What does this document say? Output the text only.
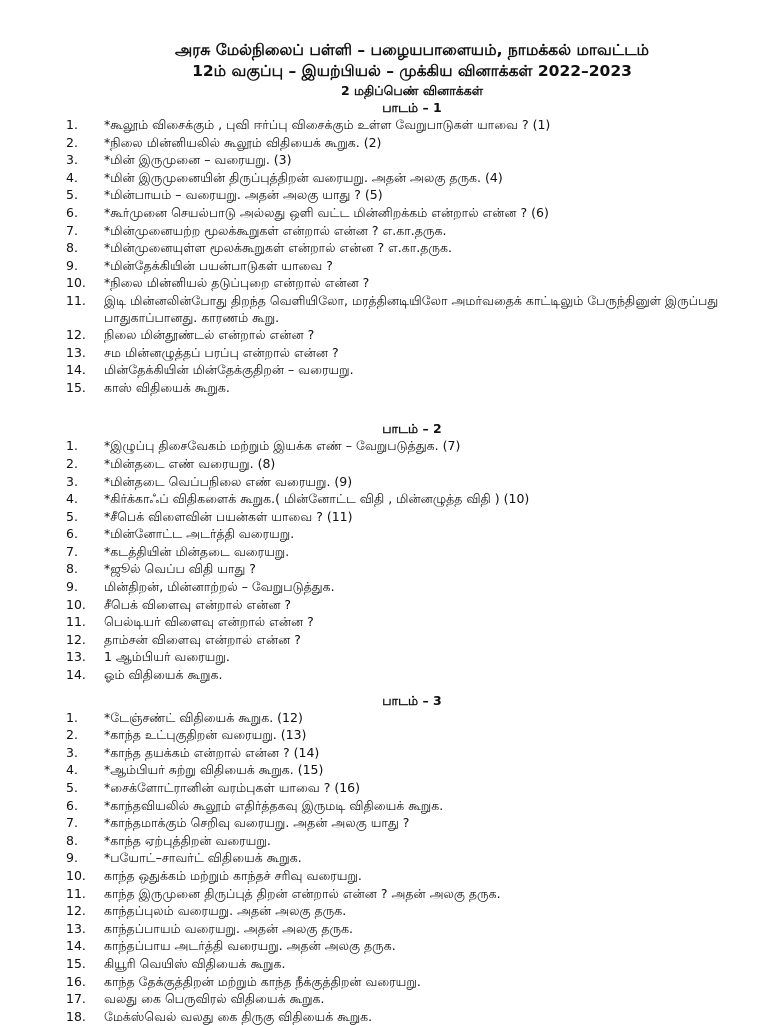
அரசு மேல்நிலைப் பள்ளி – பழையபாளையம், நாமக்கல் மாவட்டம்
12ம் வகுப்பு – இயற்பியல் – முக்கிய வினாக்கள் 2022–2023
2 மதிப்பெண் வினாக்கள்
பாடம் – 1
1.	*கூலூம் விசைக்கும் , புவி ஈர்ப்பு விசைக்கும் உள்ள வேறுபாடுகள் யாவை ? (1)
2.	*நிலை மின்னியலில் கூலூம் விதியைக் கூறுக. (2)
3.	*மின் இருமுனை – வரையறு. (3)
4.	*மின் இருமுனையின் திருப்புத்திறன் வரையறு. அதன் அலகு தருக. (4)
5.	*மின்பாயம் – வரையறு. அதன் அலகு யாது ? (5)
6.	*கூர்முனை செயல்பாடு அல்லது ஒளி வட்ட மின்னிறக்கம் என்றால் என்ன ? (6)
7.	*மின்முனையற்ற மூலக்கூறுகள் என்றால் என்ன ? எ.கா.தருக.
8.	*மின்முனையுள்ள மூலக்கூறுகள் என்றால் என்ன ? எ.கா.தருக.
9.	*மின்தேக்கியின் பயன்பாடுகள் யாவை ?
10.	*நிலை மின்னியல் தடுப்புறை என்றால் என்ன ?
11.	இடி மின்னலின்போது திறந்த வெளியிலோ, மரத்தினடியிலோ அமர்வதைக் காட்டிலும் பேருந்தினுள் இருப்பது பாதுகாப்பானது. காரணம் கூறு.
12.	நிலை மின்தூண்டல் என்றால் என்ன ?
13.	சம மின்னழுத்தப் பரப்பு என்றால் என்ன ?
14.	மின்தேக்கியின் மின்தேக்குதிறன் – வரையறு.
15.	காஸ் விதியைக் கூறுக.
பாடம் – 2
1.	*இழுப்பு திசைவேகம் மற்றும் இயக்க எண் – வேறுபடுத்துக. (7)
2.	*மின்தடை எண் வரையறு. (8)
3.	*மின்தடை வெப்பநிலை எண் வரையறு. (9)
4.	*கிர்க்காஃப் விதிகளைக் கூறுக.( மின்னோட்ட விதி , மின்னழுத்த விதி ) (10)
5.	*சீபெக் விளைவின் பயன்கள் யாவை ? (11)
6.	*மின்னோட்ட அடர்த்தி வரையறு.
7.	*கடத்தியின் மின்தடை வரையறு.
8.	*ஜூல் வெப்ப விதி யாது ?
9.	மின்திறன், மின்னாற்றல் – வேறுபடுத்துக.
10.	சீபெக் விளைவு என்றால் என்ன ?
11.	பெல்டியர் விளைவு என்றால் என்ன ?
12.	தாம்சன் விளைவு என்றால் என்ன ?
13.	1 ஆம்பியர் வரையறு.
14.	ஓம் விதியைக் கூறுக.
பாடம் – 3
1.	*டேஞ்சண்ட் விதியைக் கூறுக. (12)
2.	*காந்த உட்புகுதிறன் வரையறு. (13)
3.	*காந்த தயக்கம் என்றால் என்ன ? (14)
4.	*ஆம்பியர் சுற்று விதியைக் கூறுக. (15)
5.	*சைக்ளோட்ரானின் வரம்புகள் யாவை ? (16)
6.	*காந்தவியலில் கூலூம் எதிர்த்தகவு இருமடி விதியைக் கூறுக.
7.	*காந்தமாக்கும் செறிவு வரையறு. அதன் அலகு யாது ?
8.	*காந்த ஏற்புத்திறன் வரையறு.
9.	*பயோட்–சாவர்ட் விதியைக் கூறுக.
10.	காந்த ஒதுக்கம் மற்றும் காந்தச் சரிவு வரையறு.
11.	காந்த இருமுனை திருப்புத் திறன் என்றால் என்ன ? அதன் அலகு தருக.
12.	காந்தப்புலம் வரையறு. அதன் அலகு தருக.
13.	காந்தப்பாயம் வரையறு. அதன் அலகு தருக.
14.	காந்தப்பாய அடர்த்தி வரையறு. அதன் அலகு தருக.
15.	கியூரி வெயிஸ் விதியைக் கூறுக.
16.	காந்த தேக்குத்திறன் மற்றும் காந்த நீக்குத்திறன் வரையறு.
17.	வலது கை பெருவிரல் விதியைக் கூறுக.
18.	மேக்ஸ்வெல் வலது கை திருகு விதியைக் கூறுக.
